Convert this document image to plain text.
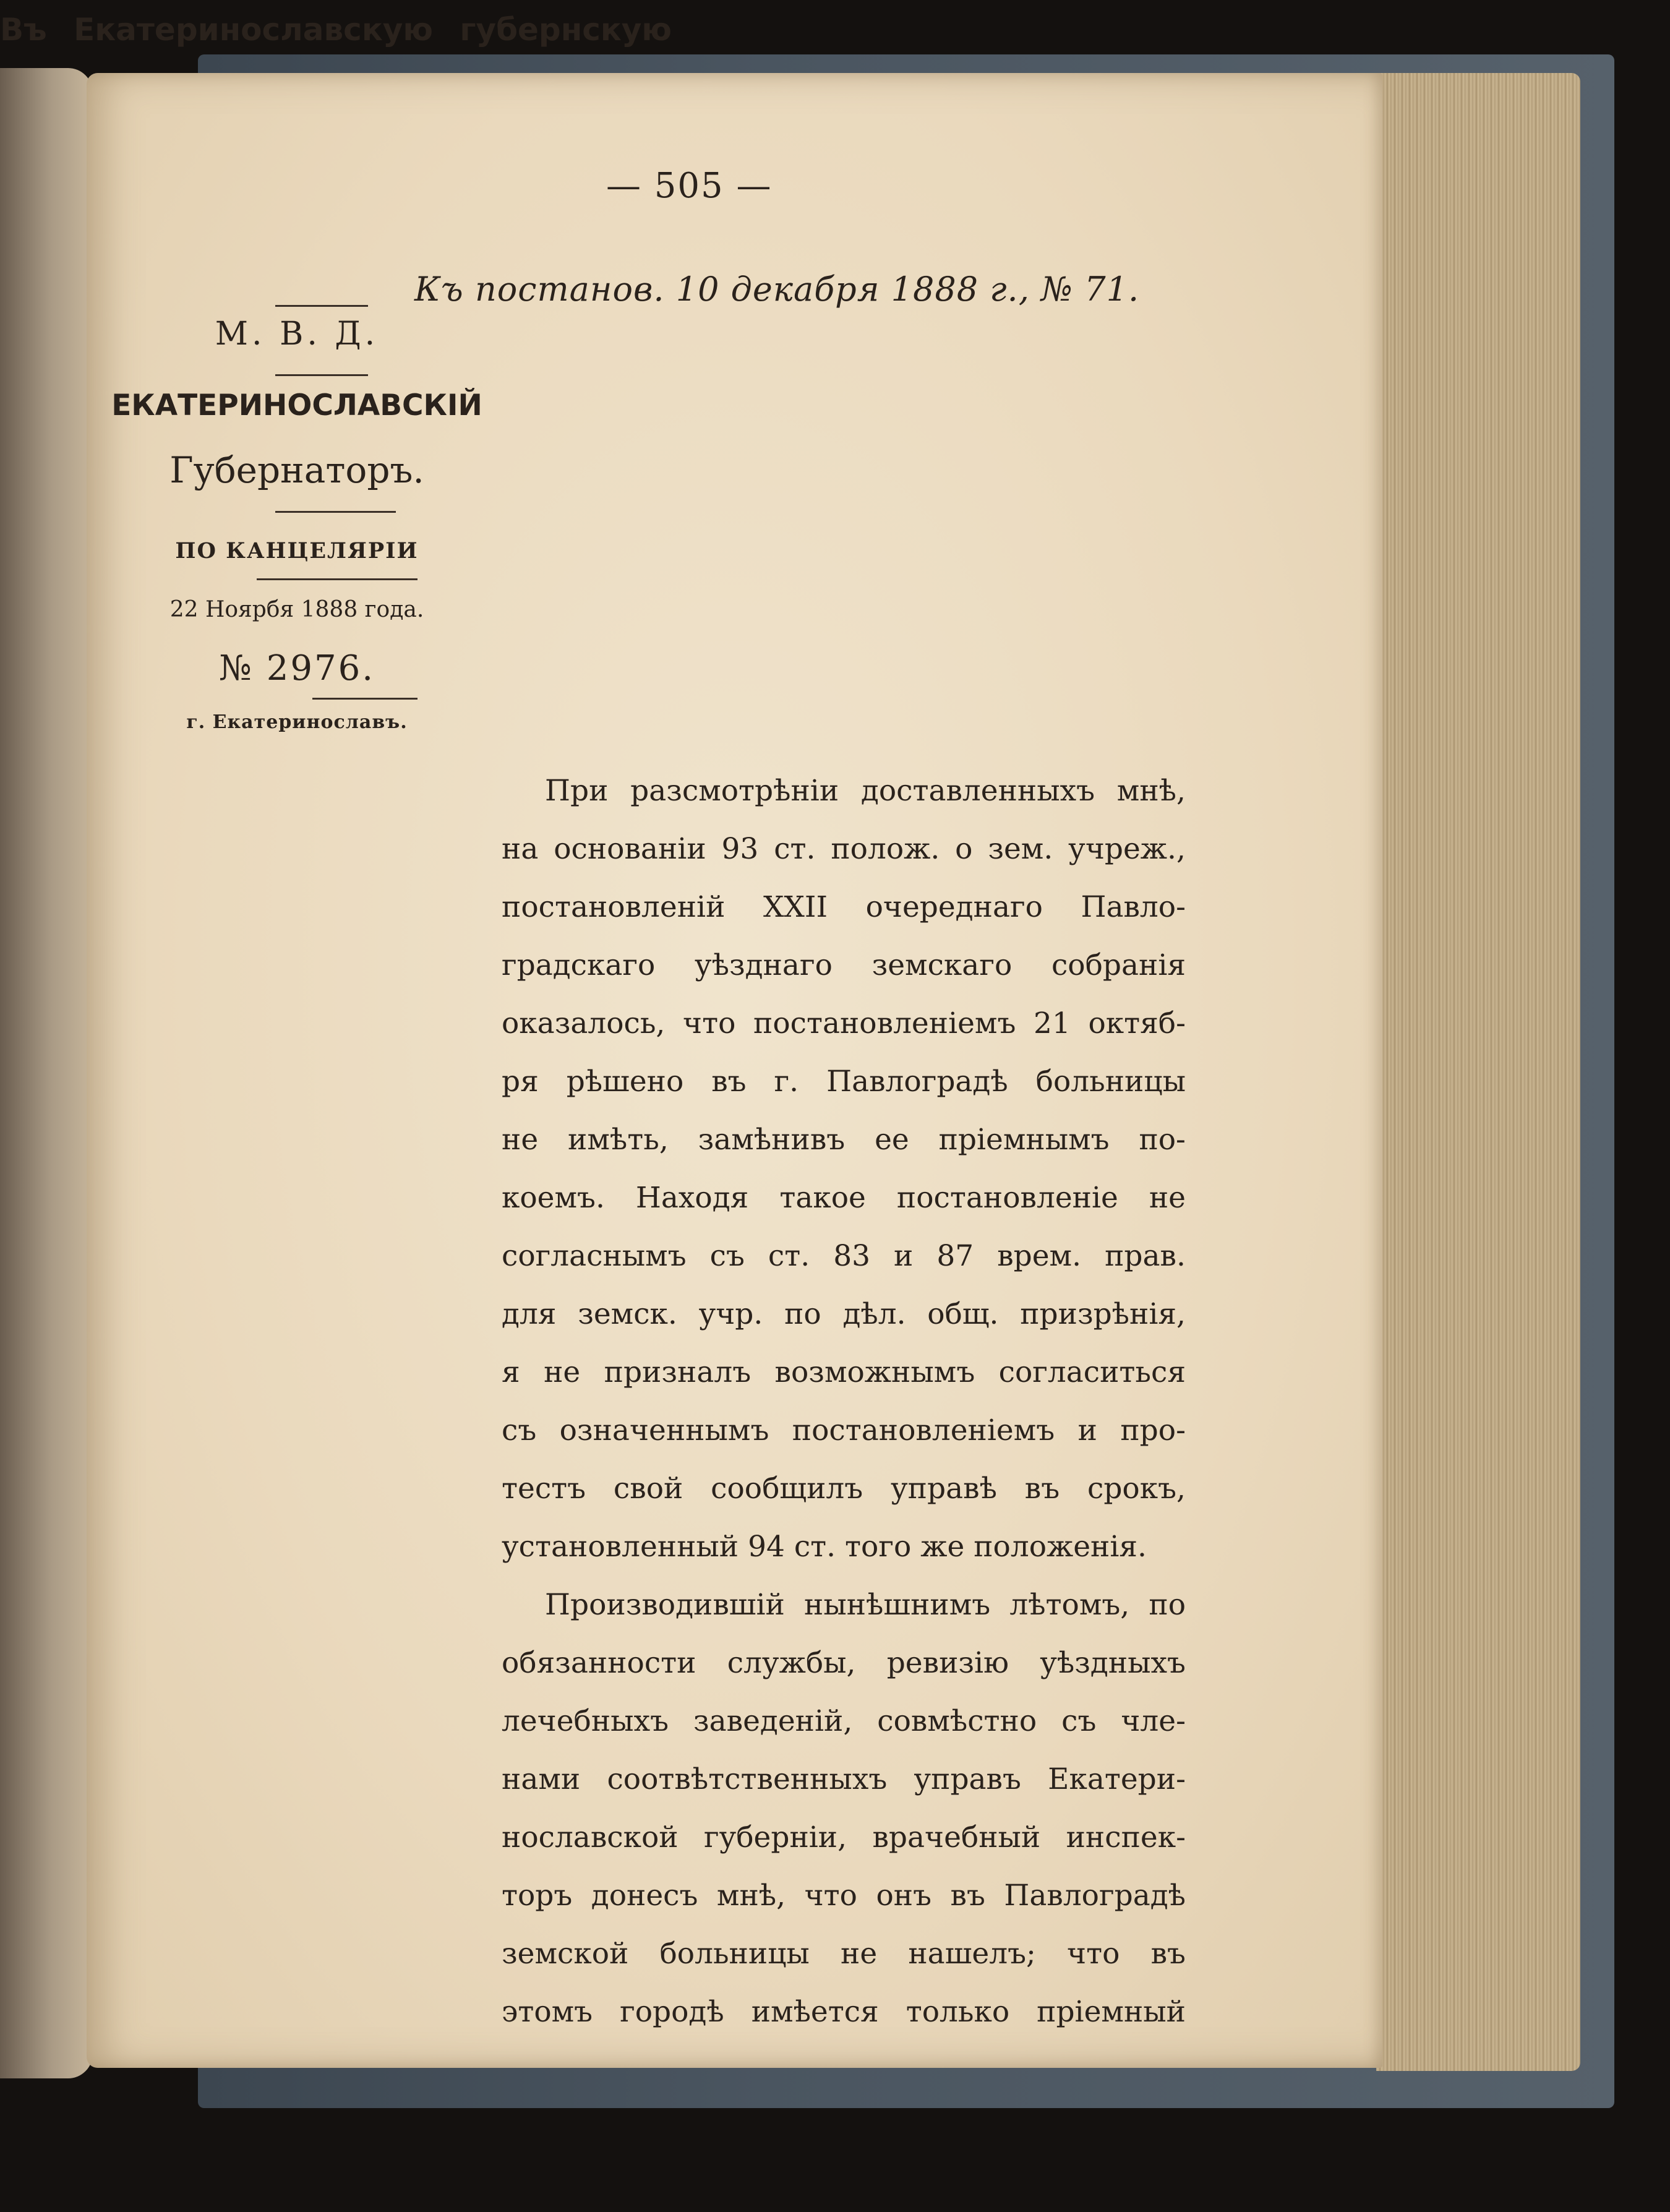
— 505 —
Къ постанов. 10 декабря 1888 г., № 71.
Въ Екатеринославскую губернскую
М. В. Д.
ЕКАТЕРИНОСЛАВСКІЙ
Губернаторъ.
ПО КАНЦЕЛЯРІИ
22 Ноярбя 1888 года.
№ 2976.
г. Екатеринославъ.
При разсмотрѣніи доставленныхъ мнѣ,
на основаніи 93 ст. полож. о зем. учреж.,
постановленій XXII очереднаго Павло-
градскаго уѣзднаго земскаго собранія
оказалось, что постановленіемъ 21 октяб-
ря рѣшено въ г. Павлоградѣ больницы
не имѣть, замѣнивъ ее пріемнымъ по-
коемъ. Находя такое постановленіе не
согласнымъ съ ст. 83 и 87 врем. прав.
для земск. учр. по дѣл. общ. призрѣнія,
я не призналъ возможнымъ согласиться
съ означеннымъ постановленіемъ и про-
тестъ свой сообщилъ управѣ въ срокъ,
установленный 94 ст. того же положенія.
Производившій нынѣшнимъ лѣтомъ, по
обязанности службы, ревизію уѣздныхъ
лечебныхъ заведеній, совмѣстно съ чле-
нами соотвѣтственныхъ управъ Екатери-
нославской губерніи, врачебный инспек-
торъ донесъ мнѣ, что онъ въ Павлоградѣ
земской больницы не нашелъ; что въ
этомъ городѣ имѣется только пріемный
